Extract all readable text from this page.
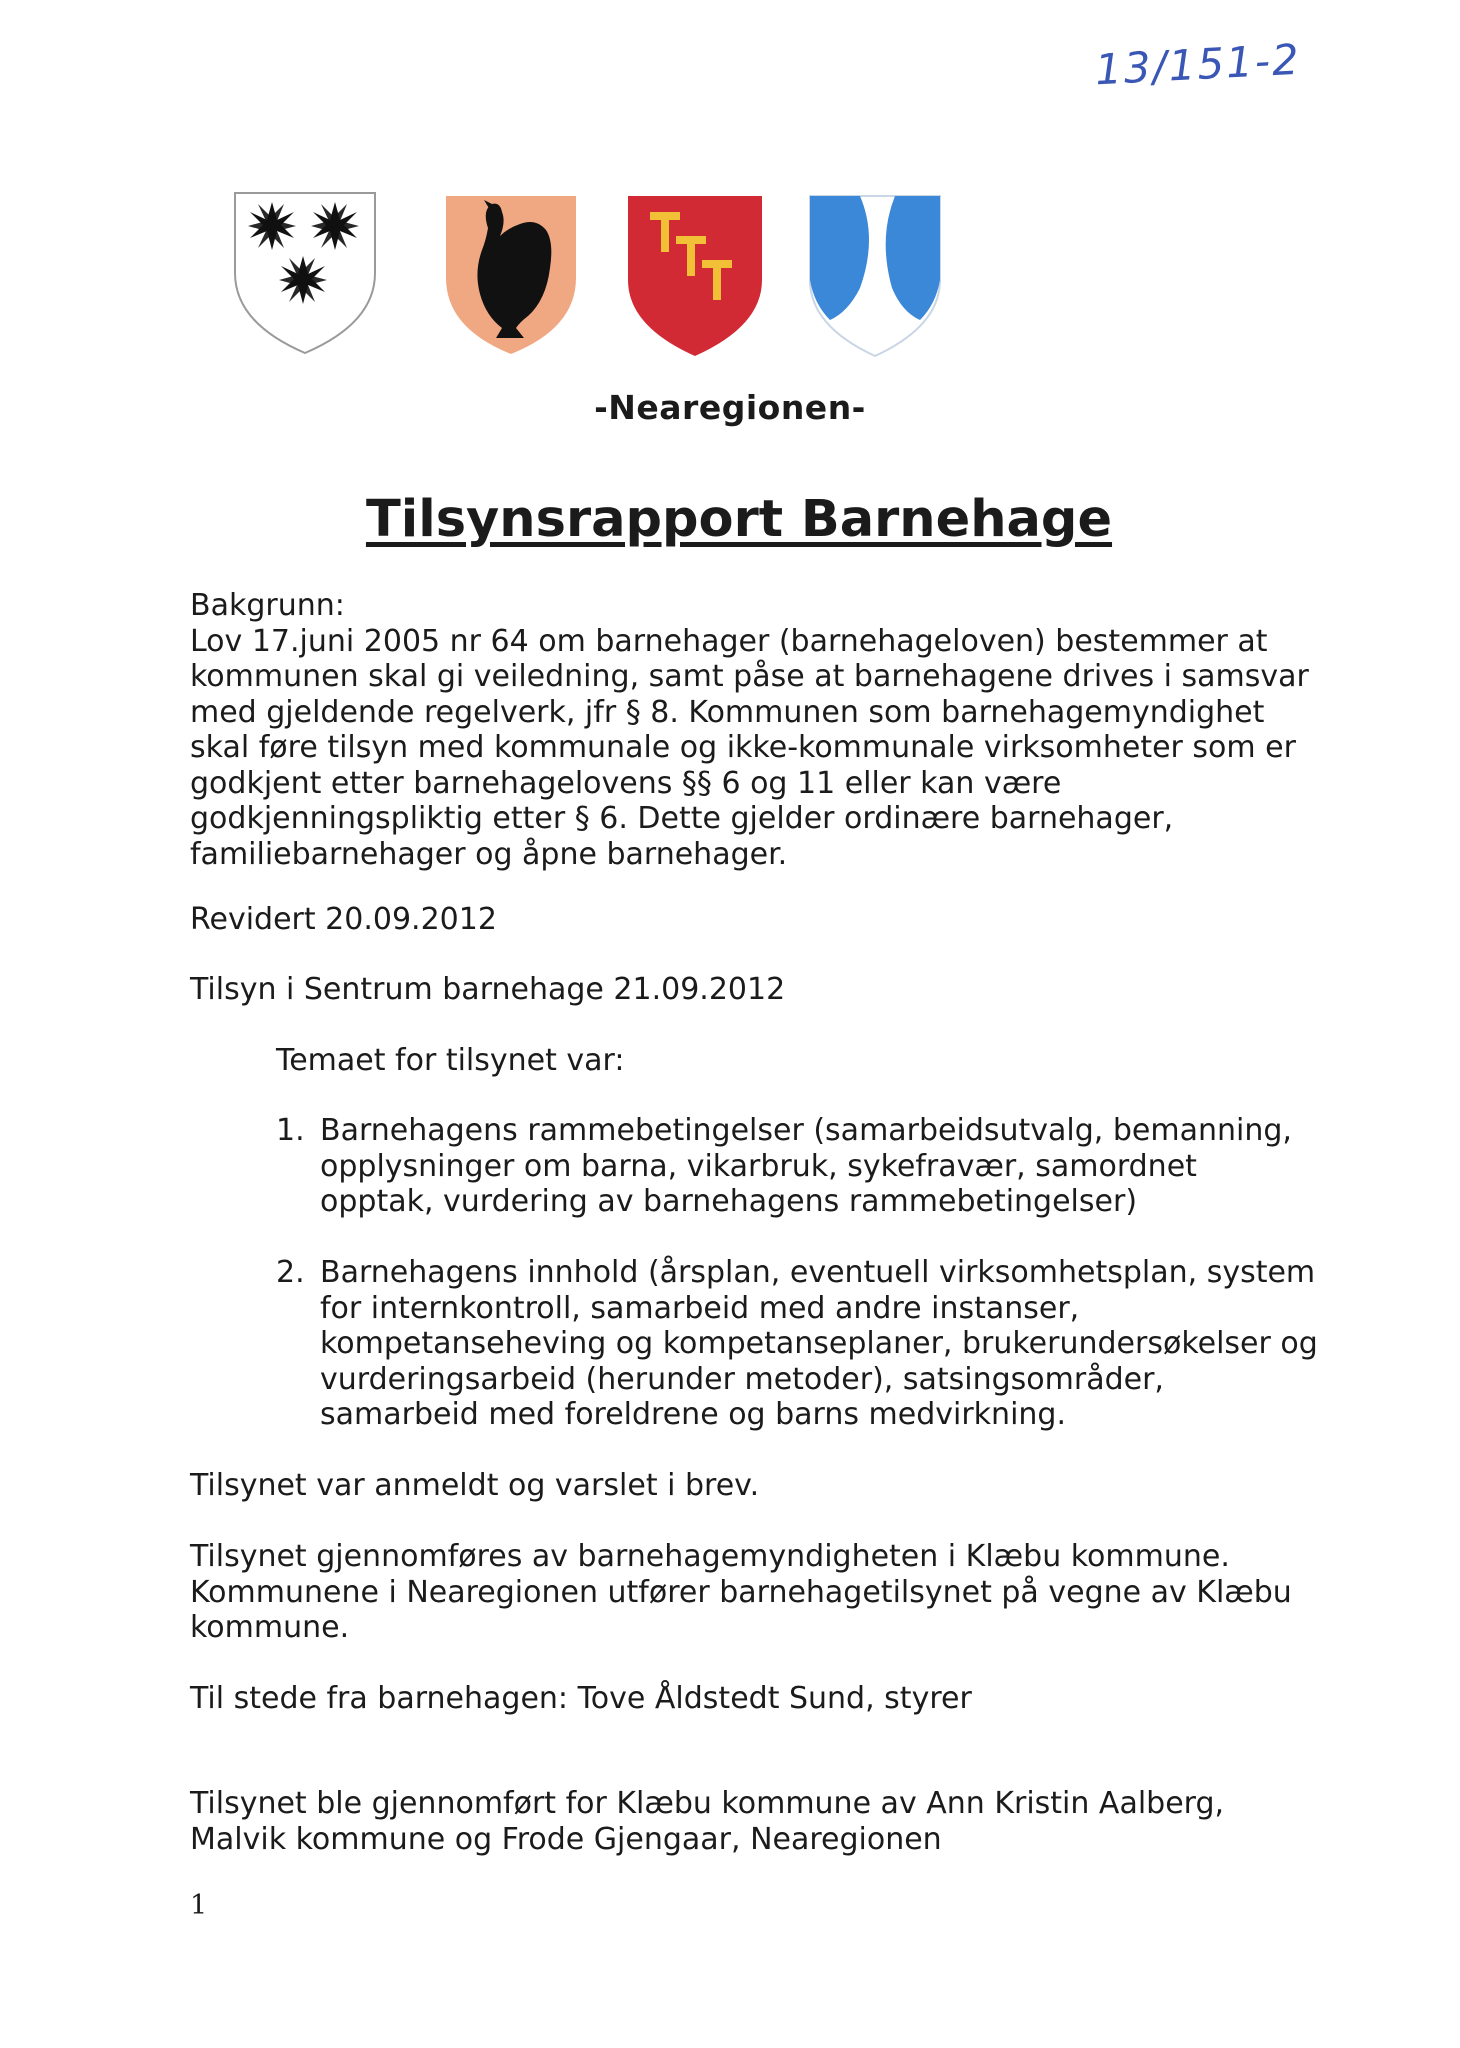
13/151-2
-Nearegionen-
Tilsynsrapport Barnehage

Bakgrunn:

Lov 17.juni 2005 nr 64 om barnehager (barnehageloven) bestemmer at

kommunen skal gi veiledning, samt påse at barnehagene drives i samsvar

med gjeldende regelverk, jfr § 8. Kommunen som barnehagemyndighet

skal føre tilsyn med kommunale og ikke-kommunale virksomheter som er

godkjent etter barnehagelovens §§ 6 og 11 eller kan være

godkjenningspliktig etter § 6. Dette gjelder ordinære barnehager,

familiebarnehager og åpne barnehager.

Revidert 20.09.2012

Tilsyn i Sentrum barnehage 21.09.2012

Temaet for tilsynet var:

1. Barnehagens rammebetingelser (samarbeidsutvalg, bemanning,
opplysninger om barna, vikarbruk, sykefravær, samordnet
opptak, vurdering av barnehagens rammebetingelser)
2. Barnehagens innhold (årsplan, eventuell virksomhetsplan, system
for internkontroll, samarbeid med andre instanser,
kompetanseheving og kompetanseplaner, brukerundersøkelser og
vurderingsarbeid (herunder metoder), satsingsområder,
samarbeid med foreldrene og barns medvirkning.

Tilsynet var anmeldt og varslet i brev.

Tilsynet gjennomføres av barnehagemyndigheten i Klæbu kommune.
Kommunene i Nearegionen utfører barnehagetilsynet på vegne av Klæbu
kommune.

Til stede fra barnehagen: Tove Åldstedt Sund, styrer

Tilsynet ble gjennomført for Klæbu kommune av Ann Kristin Aalberg,
Malvik kommune og Frode Gjengaar, Nearegionen
1
